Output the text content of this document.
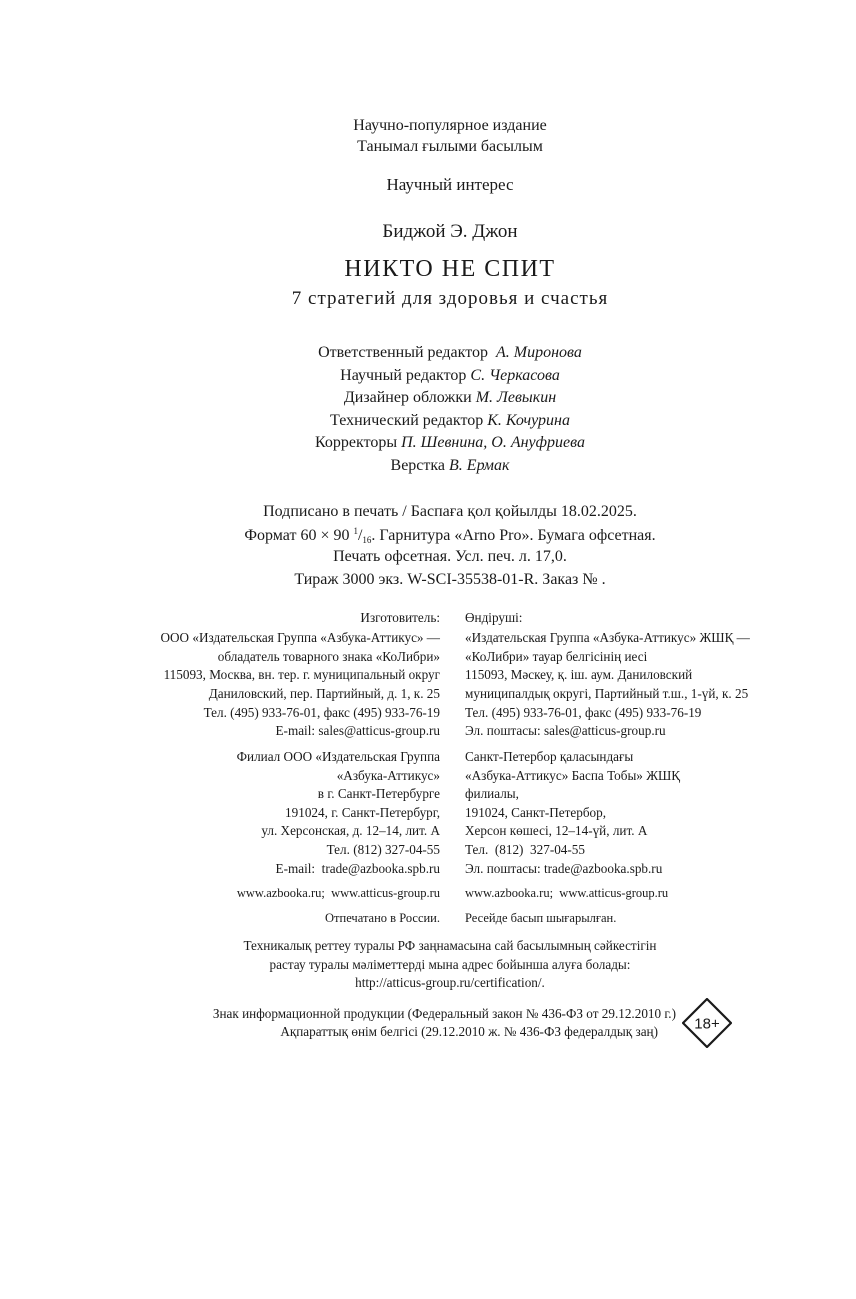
Научно-популярное издание
Танымал ғылыми басылым
Научный интерес
Биджой Э. Джон
НИКТО НЕ СПИТ
7 стратегий для здоровья и счастья
Ответственный редактор А. Миронова
Научный редактор С. Черкасова
Дизайнер обложки М. Левыкин
Технический редактор К. Кочурина
Корректоры П. Шевнина, О. Ануфриева
Верстка В. Ермак
Подписано в печать / Баспаға қол қойылды 18.02.2025.
Формат 60 × 90 $^1/_{16}$. Гарнитура «Arno Pro». Бумага офсетная.
Печать офсетная. Усл. печ. л. 17,0.
Тираж 3000 экз. W-SCI-35538-01-R. Заказ № .
Изготовитель:
ООО «Издательская Группа «Азбука-Аттикус» —
обладатель товарного знака «КоЛибри»
115093, Москва, вн. тер. г. муниципальный округ
Даниловский, пер. Партийный, д. 1, к. 25
Тел. (495) 933-76-01, факс (495) 933-76-19
E-mail: sales@atticus-group.ru
Өндіруші:
«Издательская Группа «Азбука-Аттикус» ЖШҚ —
«КоЛибри» тауар белгісінің иесі
115093, Мәскеу, қ. іш. аум. Даниловский
муниципалдық округі, Партийный т.ш., 1-үй, к. 25
Тел. (495) 933-76-01, факс (495) 933-76-19
Эл. поштасы: sales@atticus-group.ru
Филиал ООО «Издательская Группа
«Азбука-Аттикус»
в г. Санкт-Петербурге
191024, г. Санкт-Петербург,
ул. Херсонская, д. 12–14, лит. А
Тел. (812) 327-04-55
E-mail:  trade@azbooka.spb.ru
Санкт-Петербор қаласындағы
«Азбука-Аттикус» Баспа Тобы» ЖШҚ
филиалы,
191024, Санкт-Петербор,
Херсон көшесі, 12–14-үй, лит. А
Тел.  (812)  327-04-55
Эл. поштасы: trade@azbooka.spb.ru
www.azbooka.ru;  www.atticus-group.ru www.azbooka.ru;  www.atticus-group.ru
Отпечатано в России. Ресейде басып шығарылған.
Техникалық реттеу туралы РФ заңнамасына сай басылымның сәйкестігін
растау туралы мәліметтерді мына адрес бойынша алуға болады:
http://atticus-group.ru/certification/.
Знак информационной продукции (Федеральный закон № 436-ФЗ от 29.12.2010 г.)
Ақпараттық өнім белгісі (29.12.2010 ж. № 436-ФЗ федералдық заң) 18+
